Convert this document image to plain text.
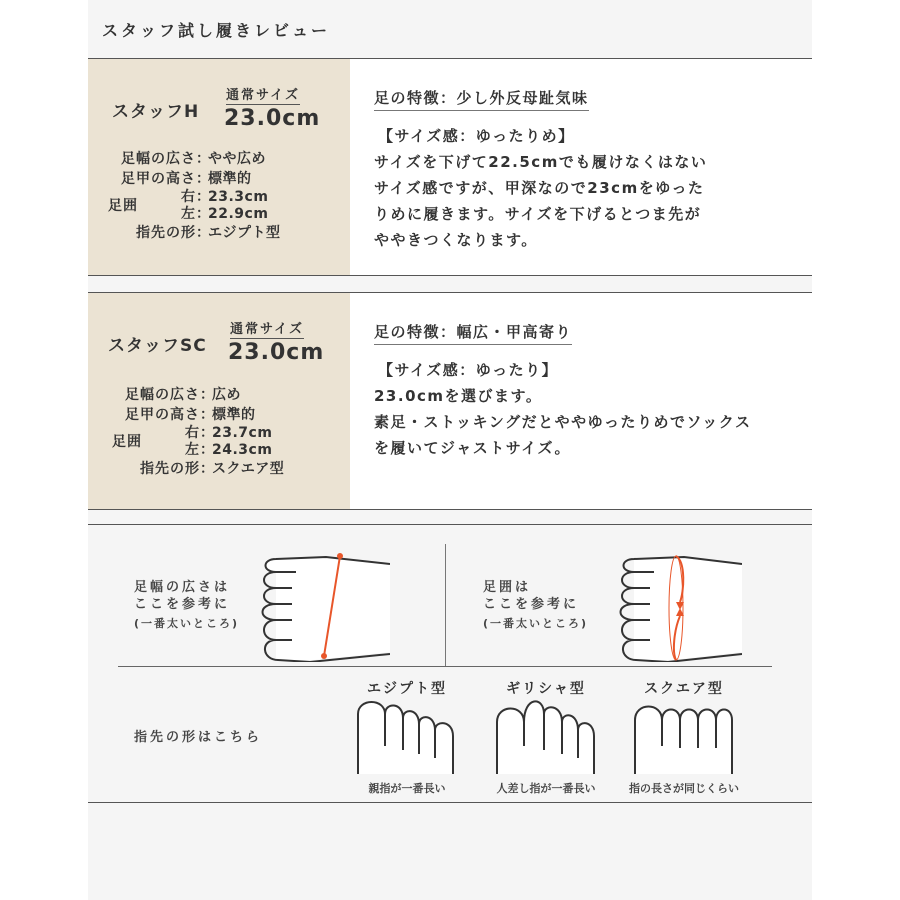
スタッフ試し履きレビュー
スタッフH
通常サイズ
23.0cm
足幅の広さ ：
やや広め
足甲の高さ ：
標準的
足囲
右 ：
23.3cm
左 ：
22.9cm
指先の形 ：
エジプト型
足の特徴：少し外反母趾気味
【サイズ感：ゆったりめ】
サイズを下げて22.5cmでも履けなくはない
サイズ感ですが、甲深なので23cmをゆった
りめに履きます。サイズを下げるとつま先が
ややきつくなります。
スタッフSC
通常サイズ
23.0cm
足幅の広さ ：
広め
足甲の高さ ：
標準的
足囲
右 ：
23.7cm
左 ：
24.3cm
指先の形 ：
スクエア型
足の特徴：幅広・甲高寄り
【サイズ感：ゆったり】
23.0cmを選びます。
素足・ストッキングだとややゆったりめでソックス
を履いてジャストサイズ。
足幅の広さは
ここを参考に
(一番太いところ)
足囲は
ここを参考に
(一番太いところ)
指先の形はこちら
エジプト型
親指が一番長い
ギリシャ型
人差し指が一番長い
スクエア型
指の長さが同じくらい
